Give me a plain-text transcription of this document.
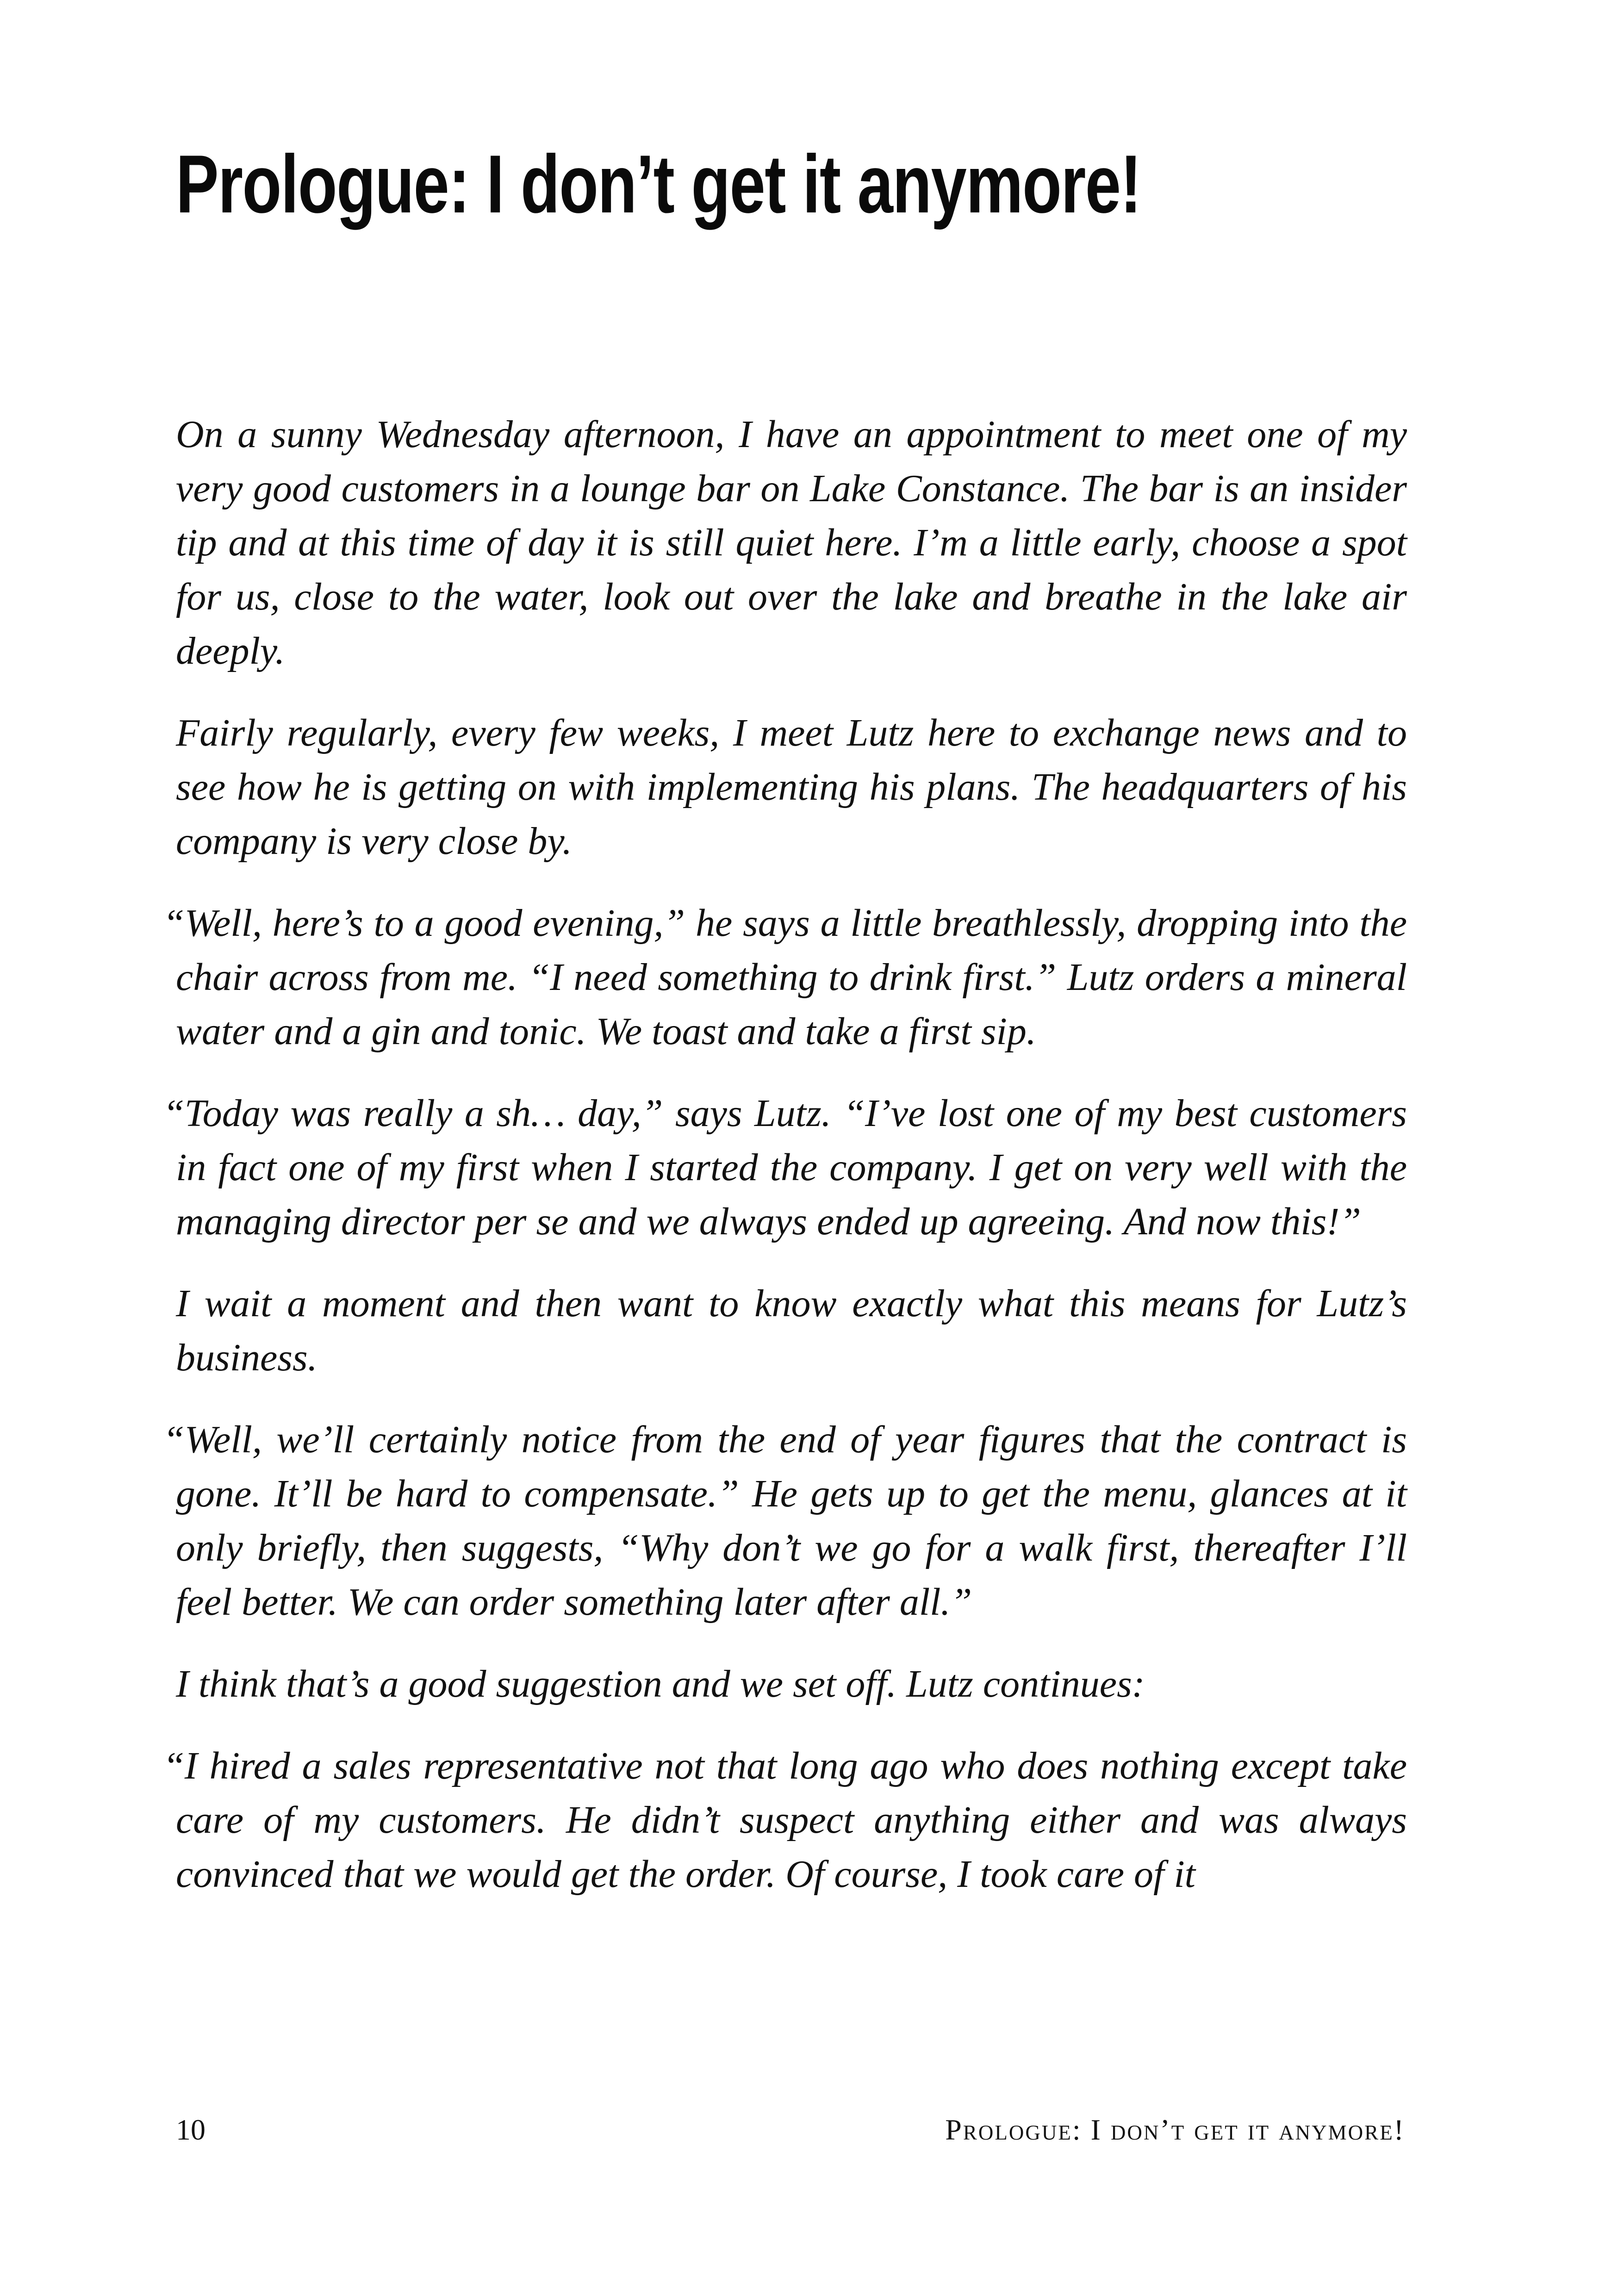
Prologue: I don’t get it anymore!

On a sunny Wednesday afternoon, I have an appointment to meet one of my very good customers in a lounge bar on Lake Constance. The bar is an insider tip and at this time of day it is still quiet here. I’m a little early, choose a spot for us, close to the water, look out over the lake and breathe in the lake air deeply.

Fairly regularly, every few weeks, I meet Lutz here to exchange news and to see how he is getting on with implementing his plans. The headquarters of his company is very close by.

“Well, here’s to a good evening,” he says a little breathlessly, dropping into the chair across from me. “I need something to drink first.” Lutz orders a mineral water and a gin and tonic. We toast and take a first sip.

“Today was really a sh… day,” says Lutz. “I’ve lost one of my best customers in fact one of my first when I started the company. I get on very well with the managing director per se and we always ended up agreeing. And now this!”

I wait a moment and then want to know exactly what this means for Lutz’s business.

“Well, we’ll certainly notice from the end of year figures that the contract is gone. It’ll be hard to compensate.” He gets up to get the menu, glances at it only briefly, then suggests, “Why don’t we go for a walk first, thereafter I’ll feel better. We can order something later after all.”

I think that’s a good suggestion and we set off. Lutz continues:

“I hired a sales representative not that long ago who does nothing except take care of my customers. He didn’t suspect anything either and was always convinced that we would get the order. Of course, I took care of it

10	Prologue: I don’t get it anymore!
